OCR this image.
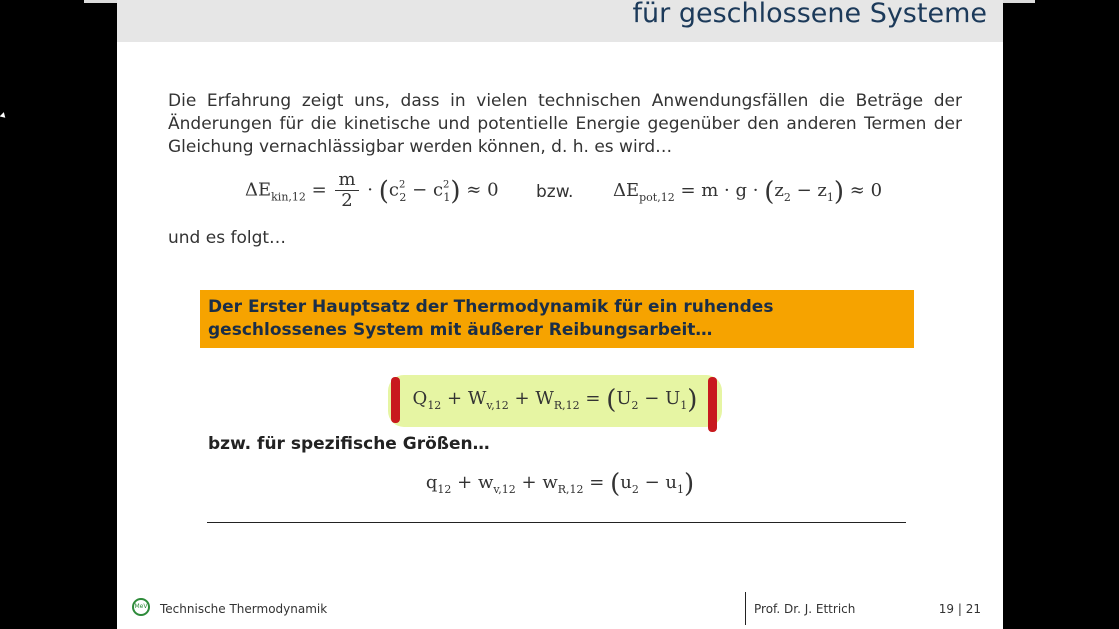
für geschlossene Systeme
Die Erfahrung zeigt uns, dass in vielen technischen Anwendungsfällen die Beträge der Änderungen für die kinetische und potentielle Energie gegenüber den anderen Termen der Gleichung vernachlässigbar werden können, d. h. es wird…
$\Delta E_{kin,12} = \frac{m}{2} \cdot (c^2_2 - c^2_1) \approx 0$ bzw. $\Delta E_{pot,12} = m \cdot g \cdot (z_2 - z_1) \approx 0$
und es folgt…
Der Erster Hauptsatz der Thermodynamik für ein ruhendes geschlossenes System mit äußerer Reibungsarbeit…
$Q_{12} + W_{v,12} + W_{R,12} = (U_2 - U_1)$
bzw. für spezifische Größen…
$q_{12} + w_{v,12} + w_{R,12} = (u_2 - u_1)$
MeV Technische Thermodynamik	Prof. Dr. J. Ettrich	19 | 21
